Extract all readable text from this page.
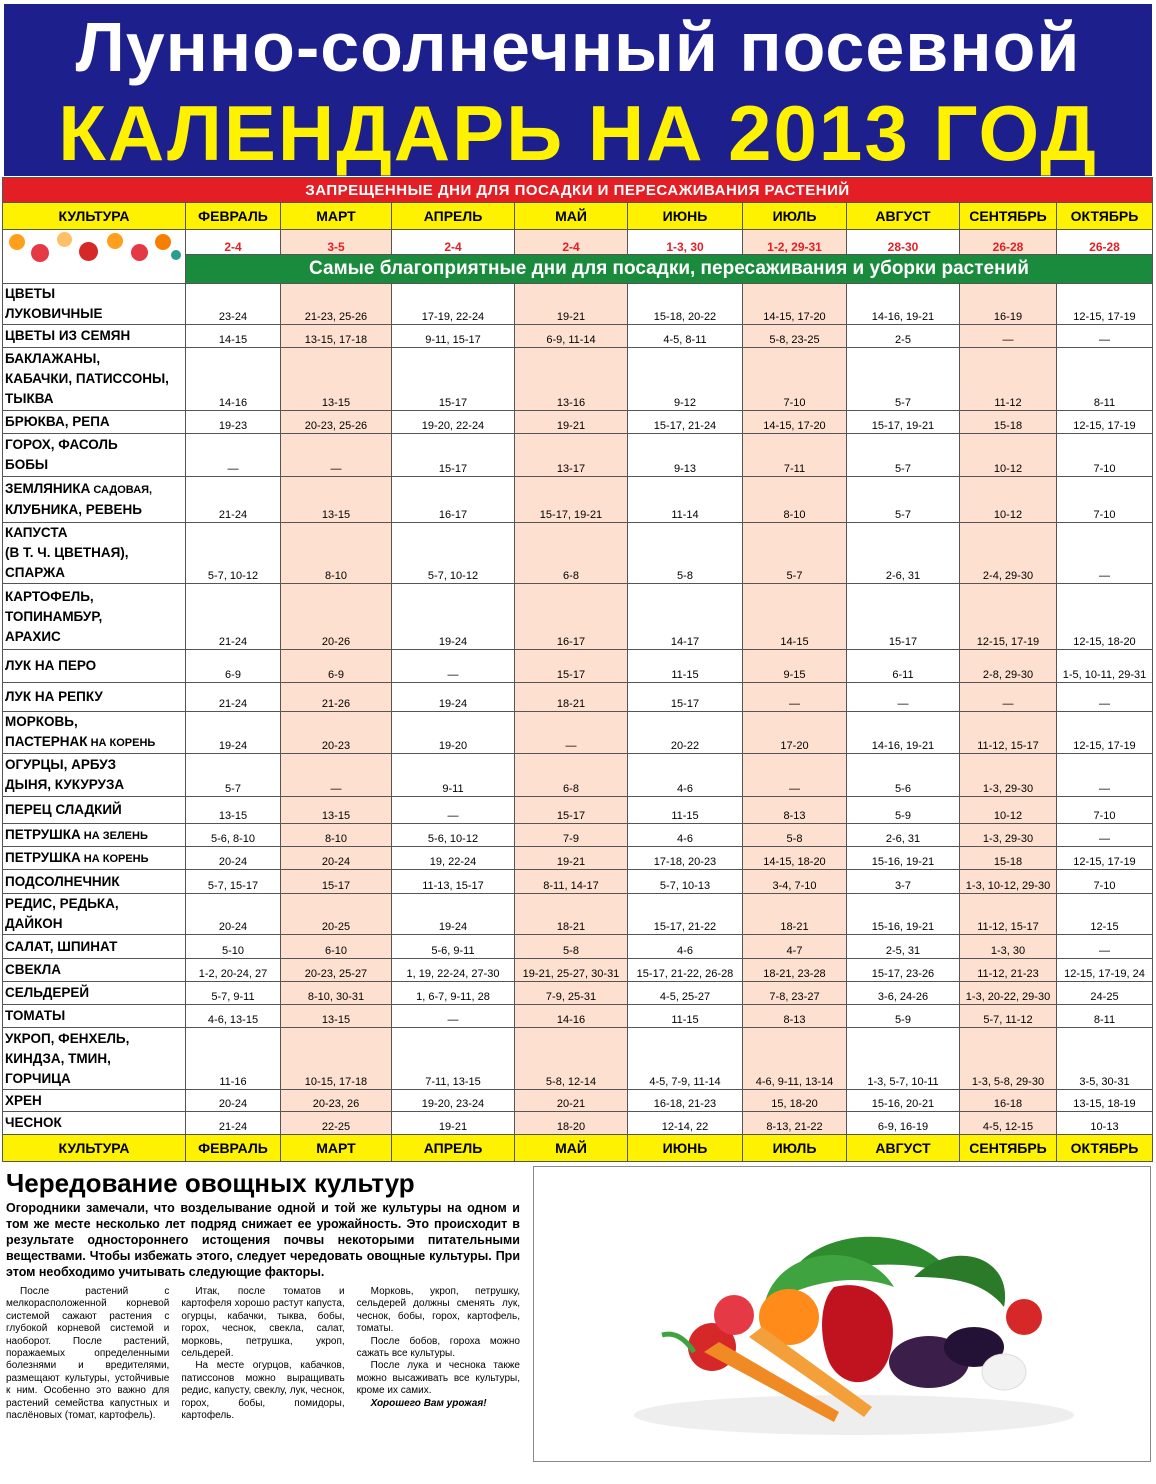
Лунно-солнечный посевной
КАЛЕНДАРЬ НА 2013 ГОД
ЗАПРЕЩЕННЫЕ ДНИ ДЛЯ ПОСАДКИ И ПЕРЕСАЖИВАНИЯ РАСТЕНИЙ									
КУЛЬТУРА	ФЕВРАЛЬ	МАРТ	АПРЕЛЬ	МАЙ	ИЮНЬ	ИЮЛЬ	АВГУСТ	СЕНТЯБРЬ	ОКТЯБРЬ

	2-4	3-5	2-4	2-4	1-3, 30	1-2, 29-31	28-30	26-28	26-28
	Самые благоприятные дни для посадки, пересаживания и уборки растений								
ЦВЕТЫ
ЛУКОВИЧНЫЕ	23-24	21-23, 25-26	17-19, 22-24	19-21	15-18, 20-22	14-15, 17-20	14-16, 19-21	16-19	12-15, 17-19
ЦВЕТЫ ИЗ СЕМЯН	14-15	13-15, 17-18	9-11, 15-17	6-9, 11-14	4-5, 8-11	5-8, 23-25	2-5	—	—
БАКЛАЖАНЫ,
КАБАЧКИ, ПАТИССОНЫ,
ТЫКВА	14-16	13-15	15-17	13-16	9-12	7-10	5-7	11-12	8-11
БРЮКВА, РЕПА	19-23	20-23, 25-26	19-20, 22-24	19-21	15-17, 21-24	14-15, 17-20	15-17, 19-21	15-18	12-15, 17-19
ГОРОХ, ФАСОЛЬ
БОБЫ	—	—	15-17	13-17	9-13	7-11	5-7	10-12	7-10
ЗЕМЛЯНИКА САДОВАЯ,
КЛУБНИКА, РЕВЕНЬ	21-24	13-15	16-17	15-17, 19-21	11-14	8-10	5-7	10-12	7-10
КАПУСТА
(В Т. Ч. ЦВЕТНАЯ),
СПАРЖА	5-7, 10-12	8-10	5-7, 10-12	6-8	5-8	5-7	2-6, 31	2-4, 29-30	—
КАРТОФЕЛЬ,
ТОПИНАМБУР,
АРАХИС	21-24	20-26	19-24	16-17	14-17	14-15	15-17	12-15, 17-19	12-15, 18-20
ЛУК НА ПЕРО	6-9	6-9	—	15-17	11-15	9-15	6-11	2-8, 29-30	1-5, 10-11, 29-31
ЛУК НА РЕПКУ	21-24	21-26	19-24	18-21	15-17	—	—	—	—
МОРКОВЬ,
ПАСТЕРНАК НА КОРЕНЬ	19-24	20-23	19-20	—	20-22	17-20	14-16, 19-21	11-12, 15-17	12-15, 17-19
ОГУРЦЫ, АРБУЗ
ДЫНЯ, КУКУРУЗА	5-7	—	9-11	6-8	4-6	—	5-6	1-3, 29-30	—
ПЕРЕЦ СЛАДКИЙ	13-15	13-15	—	15-17	11-15	8-13	5-9	10-12	7-10
ПЕТРУШКА НА ЗЕЛЕНЬ	5-6, 8-10	8-10	5-6, 10-12	7-9	4-6	5-8	2-6, 31	1-3, 29-30	—
ПЕТРУШКА НА КОРЕНЬ	20-24	20-24	19, 22-24	19-21	17-18, 20-23	14-15, 18-20	15-16, 19-21	15-18	12-15, 17-19
ПОДСОЛНЕЧНИК	5-7, 15-17	15-17	11-13, 15-17	8-11, 14-17	5-7, 10-13	3-4, 7-10	3-7	1-3, 10-12, 29-30	7-10
РЕДИС, РЕДЬКА,
ДАЙКОН	20-24	20-25	19-24	18-21	15-17, 21-22	18-21	15-16, 19-21	11-12, 15-17	12-15
САЛАТ, ШПИНАТ	5-10	6-10	5-6, 9-11	5-8	4-6	4-7	2-5, 31	1-3, 30	—
СВЕКЛА	1-2, 20-24, 27	20-23, 25-27	1, 19, 22-24, 27-30	19-21, 25-27, 30-31	15-17, 21-22, 26-28	18-21, 23-28	15-17, 23-26	11-12, 21-23	12-15, 17-19, 24
СЕЛЬДЕРЕЙ	5-7, 9-11	8-10, 30-31	1, 6-7, 9-11, 28	7-9, 25-31	4-5, 25-27	7-8, 23-27	3-6, 24-26	1-3, 20-22, 29-30	24-25
ТОМАТЫ	4-6, 13-15	13-15	—	14-16	11-15	8-13	5-9	5-7, 11-12	8-11
УКРОП, ФЕНХЕЛЬ,
КИНДЗА, ТМИН,
ГОРЧИЦА	11-16	10-15, 17-18	7-11, 13-15	5-8, 12-14	4-5, 7-9, 11-14	4-6, 9-11, 13-14	1-3, 5-7, 10-11	1-3, 5-8, 29-30	3-5, 30-31
ХРЕН	20-24	20-23, 26	19-20, 23-24	20-21	16-18, 21-23	15, 18-20	15-16, 20-21	16-18	13-15, 18-19
ЧЕСНОК	21-24	22-25	19-21	18-20	12-14, 22	8-13, 21-22	6-9, 16-19	4-5, 12-15	10-13
КУЛЬТУРА	ФЕВРАЛЬ	МАРТ	АПРЕЛЬ	МАЙ	ИЮНЬ	ИЮЛЬ	АВГУСТ	СЕНТЯБРЬ	ОКТЯБРЬ
Чередование овощных культур

Огородники замечали, что возделывание одной и той же культуры на одном и том же месте несколько лет подряд снижает ее урожайность. Это происходит в результате одностороннего истощения почвы некоторыми питательными веществами. Чтобы избежать этого, следует чередовать овощные культуры. При этом необходимо учитывать следующие факторы.

После растений с мелкорасположенной корневой системой сажают растения с глубокой корневой системой и наоборот. После растений, поражаемых определенными болезнями и вредителями, размещают культуры, устойчивые к ним. Особенно это важно для растений семейства капустных и паслёновых (томат, картофель).

Итак, после томатов и картофеля хорошо растут капуста, огурцы, кабачки, тыква, бобы, горох, чеснок, свекла, салат, морковь, петрушка, укроп, сельдерей.

На месте огурцов, кабачков, патиссонов можно выращивать редис, капусту, свеклу, лук, чеснок, горох, бобы, помидоры, картофель.

Морковь, укроп, петрушку, сельдерей должны сменять лук, чеснок, бобы, горох, картофель, томаты.

После бобов, гороха можно сажать все культуры.

После лука и чеснока также можно высаживать все культуры, кроме их самих.

Хорошего Вам урожая!
